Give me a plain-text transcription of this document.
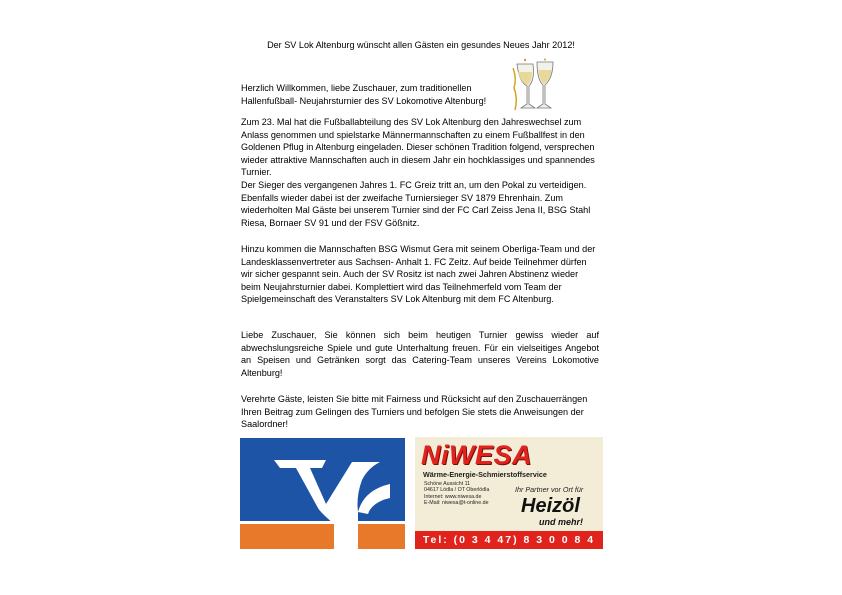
Der SV Lok Altenburg wünscht allen Gästen ein gesundes Neues Jahr 2012!

Herzlich Willkommen, liebe Zuschauer, zum traditionellen

Hallenfußball- Neujahrsturnier des SV Lokomotive Altenburg!

Zum 23. Mal hat die Fußballabteilung des SV Lok Altenburg den Jahreswechsel zum Anlass genommen und spielstarke Männermannschaften zu einem Fußballfest in den Goldenen Pflug in Altenburg eingeladen. Dieser schönen Tradition folgend, versprechen wieder attraktive Mannschaften auch in diesem Jahr ein hochklassiges und spannendes Turnier.

Der Sieger des vergangenen Jahres 1. FC Greiz tritt an, um den Pokal zu verteidigen. Ebenfalls wieder dabei ist der zweifache Turniersieger SV 1879 Ehrenhain. Zum wiederholten Mal Gäste bei unserem Turnier sind der FC Carl Zeiss Jena II, BSG Stahl Riesa, Bornaer SV 91 und der FSV Gößnitz.

Hinzu kommen die Mannschaften BSG Wismut Gera mit seinem Oberliga-Team und der Landesklassenvertreter aus Sachsen- Anhalt 1. FC Zeitz. Auf beide Teilnehmer dürfen wir sicher gespannt sein. Auch der SV Rositz ist nach zwei Jahren Abstinenz wieder beim Neujahrsturnier dabei. Komplettiert wird das Teilnehmerfeld vom Team der Spielgemeinschaft des Veranstalters SV Lok Altenburg mit dem FC Altenburg.

Liebe Zuschauer, Sie können sich beim heutigen Turnier gewiss wieder auf abwechslungsreiche Spiele und gute Unterhaltung freuen. Für ein vielseitiges Angebot an Speisen und Getränken sorgt das Catering-Team unseres Vereins Lokomotive Altenburg!

Verehrte Gäste, leisten Sie bitte mit Fairness und Rücksicht auf den Zuschauerrängen Ihren Beitrag zum Gelingen des Turniers und befolgen Sie stets die Anweisungen der Saalordner!

NiWESA
Wärme-Energie-Schmierstoffservice
Schöne Aussicht 11
04617 Lödla / OT Oberlödla
Internet: www.niwesa.de
E-Mail: niwesa@t-online.de
Ihr Partner vor Ort für
Heizöl
und mehr!
Tel: (0 3 4 47) 8 3 0 0 8 4
